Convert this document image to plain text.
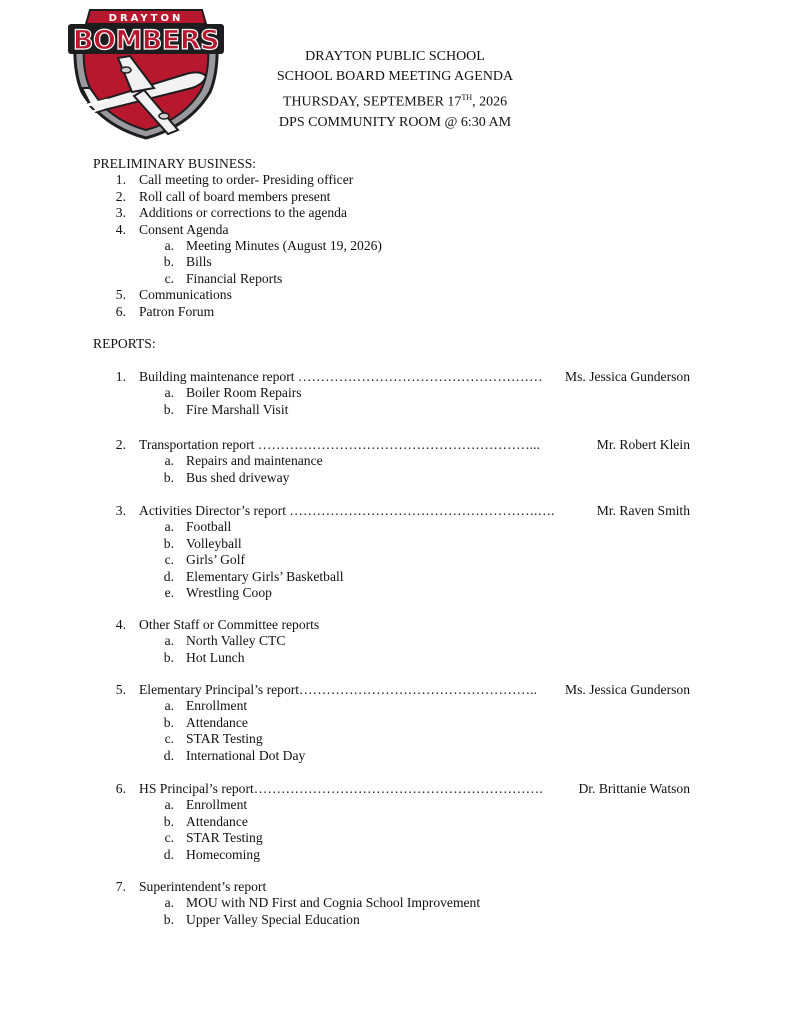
DRAYTON
BOMBERS
DRAYTON PUBLIC SCHOOL
SCHOOL BOARD MEETING AGENDA
THURSDAY, SEPTEMBER 17TH, 2026
DPS COMMUNITY ROOM @ 6:30 AM
PRELIMINARY BUSINESS:
1. Call meeting to order- Presiding officer
2. Roll call of board members present
3. Additions or corrections to the agenda
4. Consent Agenda
a. Meeting Minutes (August 19, 2026)
b. Bills
c. Financial Reports
5. Communications
6. Patron Forum
REPORTS:
1. Building maintenance report ……………………………………………… Ms. Jessica Gunderson
a. Boiler Room Repairs
b. Fire Marshall Visit
2. Transportation report ……………………………………………………...	Mr. Robert Klein
a. Repairs and maintenance
b. Bus shed driveway
3. Activities Director’s report ……………………………………………….….	Mr. Raven Smith
a. Football
b. Volleyball
c. Girls’ Golf
d. Elementary Girls’ Basketball
e. Wrestling Coop
4. Other Staff or Committee reports
a. North Valley CTC
b. Hot Lunch
5. Elementary Principal’s report…………………………………………….. Ms. Jessica Gunderson
a. Enrollment
b. Attendance
c. STAR Testing
d. International Dot Day
6. HS Principal’s report……………………………………………………….	Dr. Brittanie Watson
a. Enrollment
b. Attendance
c. STAR Testing
d. Homecoming
7. Superintendent’s report
a. MOU with ND First and Cognia School Improvement
b. Upper Valley Special Education
